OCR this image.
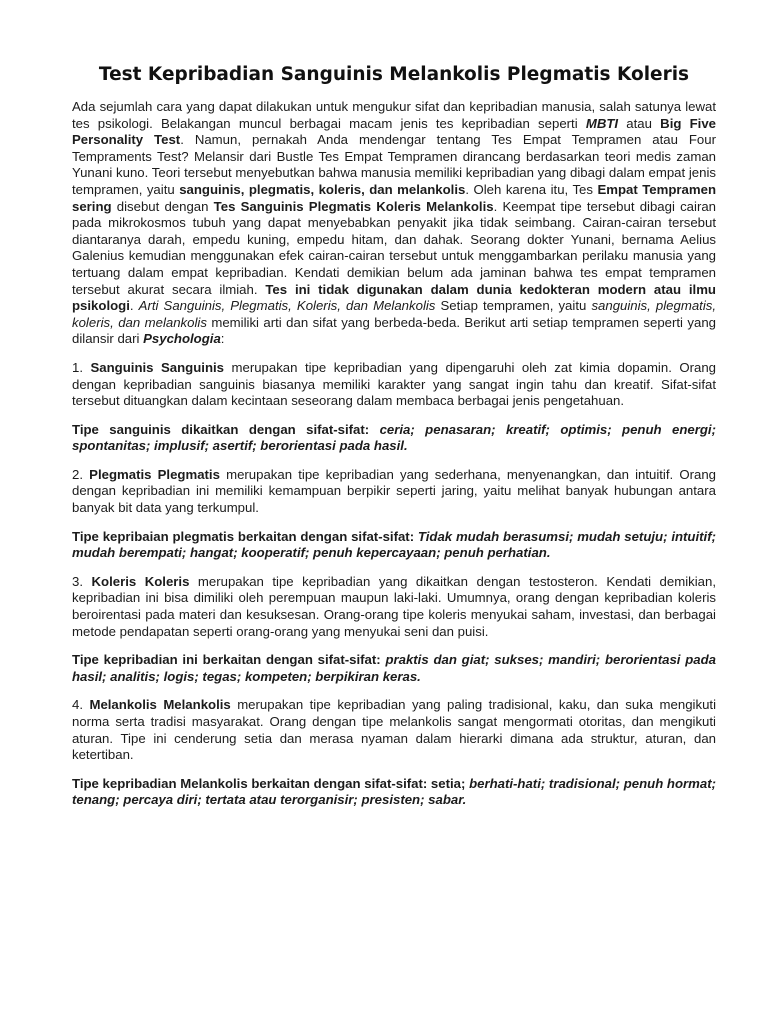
Test Kepribadian Sanguinis Melankolis Plegmatis Koleris

Ada sejumlah cara yang dapat dilakukan untuk mengukur sifat dan kepribadian manusia, salah satunya lewat tes psikologi. Belakangan muncul berbagai macam jenis tes kepribadian seperti MBTI atau Big Five Personality Test. Namun, pernakah Anda mendengar tentang Tes Empat Tempramen atau Four Tempraments Test? Melansir dari Bustle Tes Empat Tempramen dirancang berdasarkan teori medis zaman Yunani kuno. Teori tersebut menyebutkan bahwa manusia memiliki kepribadian yang dibagi dalam empat jenis tempramen, yaitu sanguinis, plegmatis, koleris, dan melankolis. Oleh karena itu, Tes Empat Tempramen sering disebut dengan Tes Sanguinis Plegmatis Koleris Melankolis. Keempat tipe tersebut dibagi cairan pada mikrokosmos tubuh yang dapat menyebabkan penyakit jika tidak seimbang. Cairan-cairan tersebut diantaranya darah, empedu kuning, empedu hitam, dan dahak. Seorang dokter Yunani, bernama Aelius Galenius kemudian menggunakan efek cairan-cairan tersebut untuk menggambarkan perilaku manusia yang tertuang dalam empat kepribadian. Kendati demikian belum ada jaminan bahwa tes empat tempramen tersebut akurat secara ilmiah. Tes ini tidak digunakan dalam dunia kedokteran modern atau ilmu psikologi. Arti Sanguinis, Plegmatis, Koleris, dan Melankolis Setiap tempramen, yaitu sanguinis, plegmatis, koleris, dan melankolis memiliki arti dan sifat yang berbeda-beda. Berikut arti setiap tempramen seperti yang dilansir dari Psychologia:

1. Sanguinis Sanguinis merupakan tipe kepribadian yang dipengaruhi oleh zat kimia dopamin. Orang dengan kepribadian sanguinis biasanya memiliki karakter yang sangat ingin tahu dan kreatif. Sifat-sifat tersebut dituangkan dalam kecintaan seseorang dalam membaca berbagai jenis pengetahuan.

Tipe sanguinis dikaitkan dengan sifat-sifat: ceria; penasaran; kreatif; optimis; penuh energi; spontanitas; implusif; asertif; berorientasi pada hasil.

2. Plegmatis Plegmatis merupakan tipe kepribadian yang sederhana, menyenangkan, dan intuitif. Orang dengan kepribadian ini memiliki kemampuan berpikir seperti jaring, yaitu melihat banyak hubungan antara banyak bit data yang terkumpul.

Tipe kepribaian plegmatis berkaitan dengan sifat-sifat: Tidak mudah berasumsi; mudah setuju; intuitif; mudah berempati; hangat; kooperatif; penuh kepercayaan; penuh perhatian.

3. Koleris Koleris merupakan tipe kepribadian yang dikaitkan dengan testosteron. Kendati demikian, kepribadian ini bisa dimiliki oleh perempuan maupun laki-laki. Umumnya, orang dengan kepribadian koleris beroirentasi pada materi dan kesuksesan. Orang-orang tipe koleris menyukai saham, investasi, dan berbagai metode pendapatan seperti orang-orang yang menyukai seni dan puisi.

Tipe kepribadian ini berkaitan dengan sifat-sifat: praktis dan giat; sukses; mandiri; berorientasi pada hasil; analitis; logis; tegas; kompeten; berpikiran keras.

4. Melankolis Melankolis merupakan tipe kepribadian yang paling tradisional, kaku, dan suka mengikuti norma serta tradisi masyarakat. Orang dengan tipe melankolis sangat mengormati otoritas, dan mengikuti aturan. Tipe ini cenderung setia dan merasa nyaman dalam hierarki dimana ada struktur, aturan, dan ketertiban.

Tipe kepribadian Melankolis berkaitan dengan sifat-sifat: setia; berhati-hati; tradisional; penuh hormat; tenang; percaya diri; tertata atau terorganisir; presisten; sabar.
